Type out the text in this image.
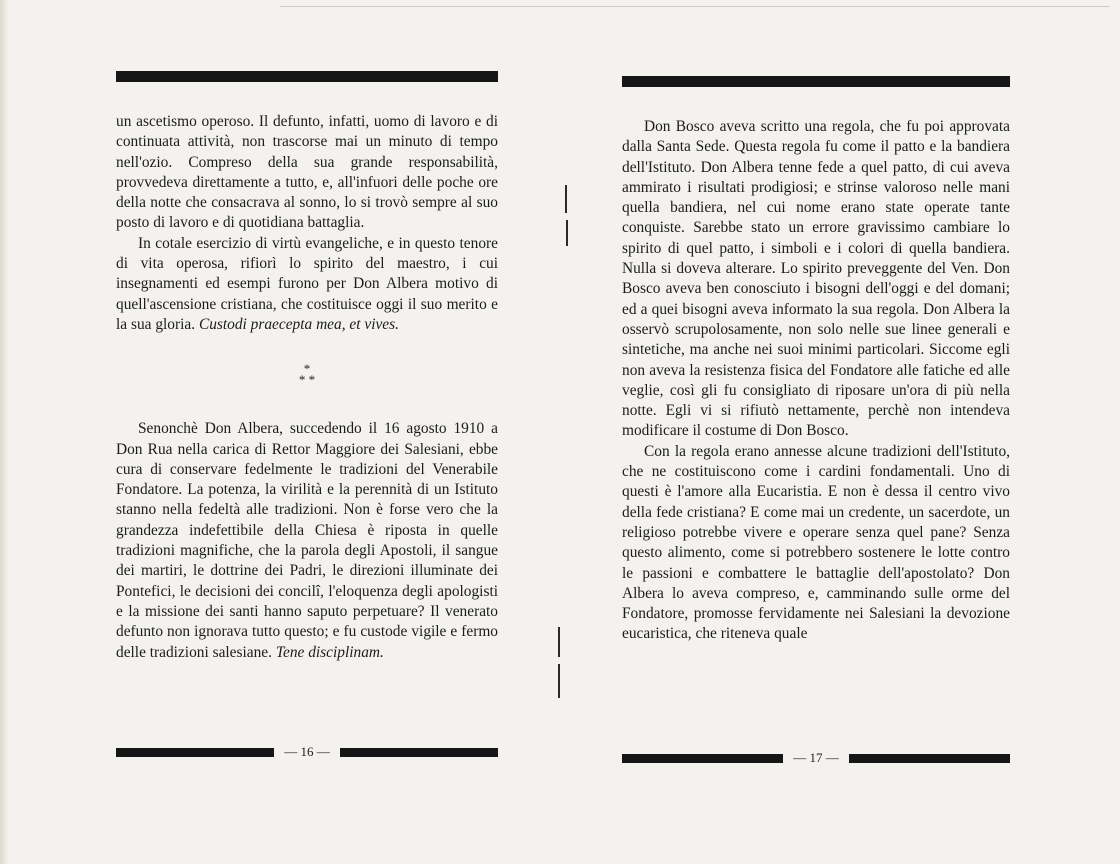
un ascetismo operoso. Il defunto, infatti, uomo di lavoro e di continuata attività, non trascorse mai un minuto di tempo nell'ozio. Compreso della sua grande responsabilità, provvedeva direttamente a tutto, e, all'infuori delle poche ore della notte che consacrava al sonno, lo si trovò sempre al suo posto di lavoro e di quotidiana battaglia.

In cotale esercizio di virtù evangeliche, e in questo tenore di vita operosa, rifiorì lo spirito del maestro, i cui insegnamenti ed esempi furono per Don Albera motivo di quell'ascensione cristiana, che costituisce oggi il suo merito e la sua gloria. Custodi praecepta mea, et vives.

*
* *

Senonchè Don Albera, succedendo il 16 agosto 1910 a Don Rua nella carica di Rettor Maggiore dei Salesiani, ebbe cura di conservare fedelmente le tradizioni del Venerabile Fondatore. La potenza, la virilità e la perennità di un Istituto stanno nella fedeltà alle tradizioni. Non è forse vero che la grandezza indefettibile della Chiesa è riposta in quelle tradizioni magnifiche, che la parola degli Apostoli, il sangue dei martiri, le dottrine dei Padri, le direzioni illuminate dei Pontefici, le decisioni dei concilî, l'eloquenza degli apologisti e la missione dei santi hanno saputo perpetuare? Il venerato defunto non ignorava tutto questo; e fu custode vigile e fermo delle tradizioni salesiane. Tene disciplinam.

— 16 —

Don Bosco aveva scritto una regola, che fu poi approvata dalla Santa Sede. Questa regola fu come il patto e la bandiera dell'Istituto. Don Albera tenne fede a quel patto, di cui aveva ammirato i risultati prodigiosi; e strinse valoroso nelle mani quella bandiera, nel cui nome erano state operate tante conquiste. Sarebbe stato un errore gravissimo cambiare lo spirito di quel patto, i simboli e i colori di quella bandiera. Nulla si doveva alterare. Lo spirito preveggente del Ven. Don Bosco aveva ben conosciuto i bisogni dell'oggi e del domani; ed a quei bisogni aveva informato la sua regola. Don Albera la osservò scrupolosamente, non solo nelle sue linee generali e sintetiche, ma anche nei suoi minimi particolari. Siccome egli non aveva la resistenza fisica del Fondatore alle fatiche ed alle veglie, così gli fu consigliato di riposare un'ora di più nella notte. Egli vi si rifiutò nettamente, perchè non intendeva modificare il costume di Don Bosco.

Con la regola erano annesse alcune tradizioni dell'Istituto, che ne costituiscono come i cardini fondamentali. Uno di questi è l'amore alla Eucaristia. E non è dessa il centro vivo della fede cristiana? E come mai un credente, un sacerdote, un religioso potrebbe vivere e operare senza quel pane? Senza questo alimento, come si potrebbero sostenere le lotte contro le passioni e combattere le battaglie dell'apostolato? Don Albera lo aveva compreso, e, camminando sulle orme del Fondatore, promosse fervidamente nei Salesiani la devozione eucaristica, che riteneva quale

— 17 —
